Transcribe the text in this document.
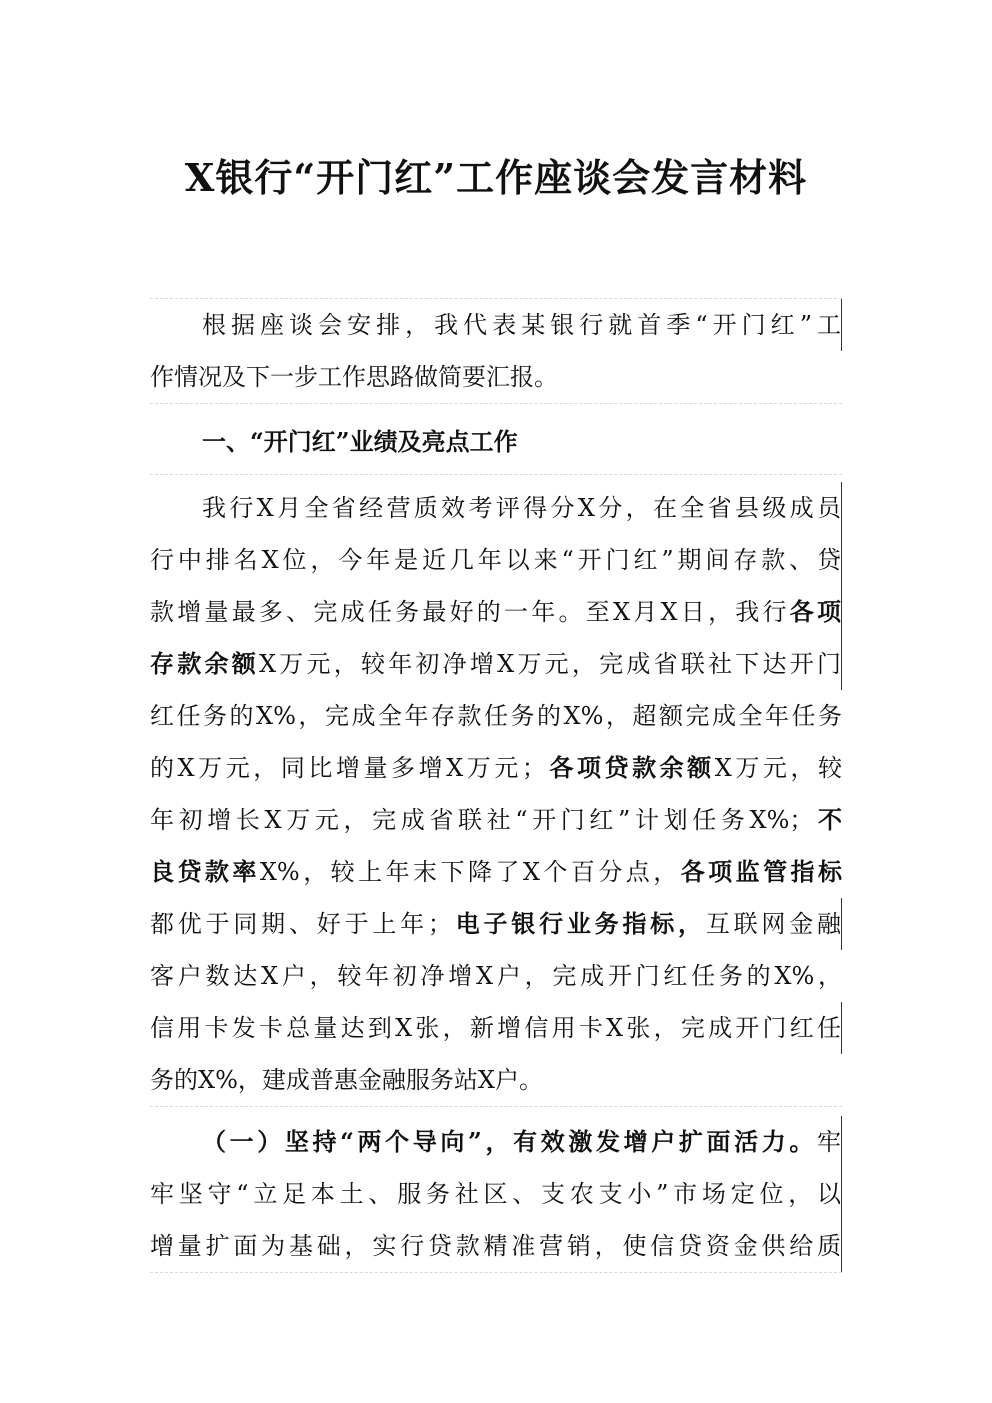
X银行“开门红”工作座谈会发言材料
根据座谈会安排，我代表某银行就首季“开门红”工
作情况及下一步工作思路做简要汇报。
一、“开门红”业绩及亮点工作
我行X月全省经营质效考评得分X分，在全省县级成员
行中排名X位，今年是近几年以来“开门红”期间存款、贷
款增量最多、完成任务最好的一年。至X月X日，我行各项
存款余额X万元，较年初净增X万元，完成省联社下达开门
红任务的X%，完成全年存款任务的X%，超额完成全年任务
的X万元，同比增量多增X万元；各项贷款余额X万元，较
年初增长X万元，完成省联社“开门红”计划任务X%；不
良贷款率X%，较上年末下降了X个百分点，各项监管指标
都优于同期、好于上年；电子银行业务指标，互联网金融
客户数达X户，较年初净增X户，完成开门红任务的X%，
信用卡发卡总量达到X张，新增信用卡X张，完成开门红任
务的X%，建成普惠金融服务站X户。
（一）坚持“两个导向”，有效激发增户扩面活力。牢
牢坚守“立足本土、服务社区、支农支小”市场定位，以
增量扩面为基础，实行贷款精准营销，使信贷资金供给质
